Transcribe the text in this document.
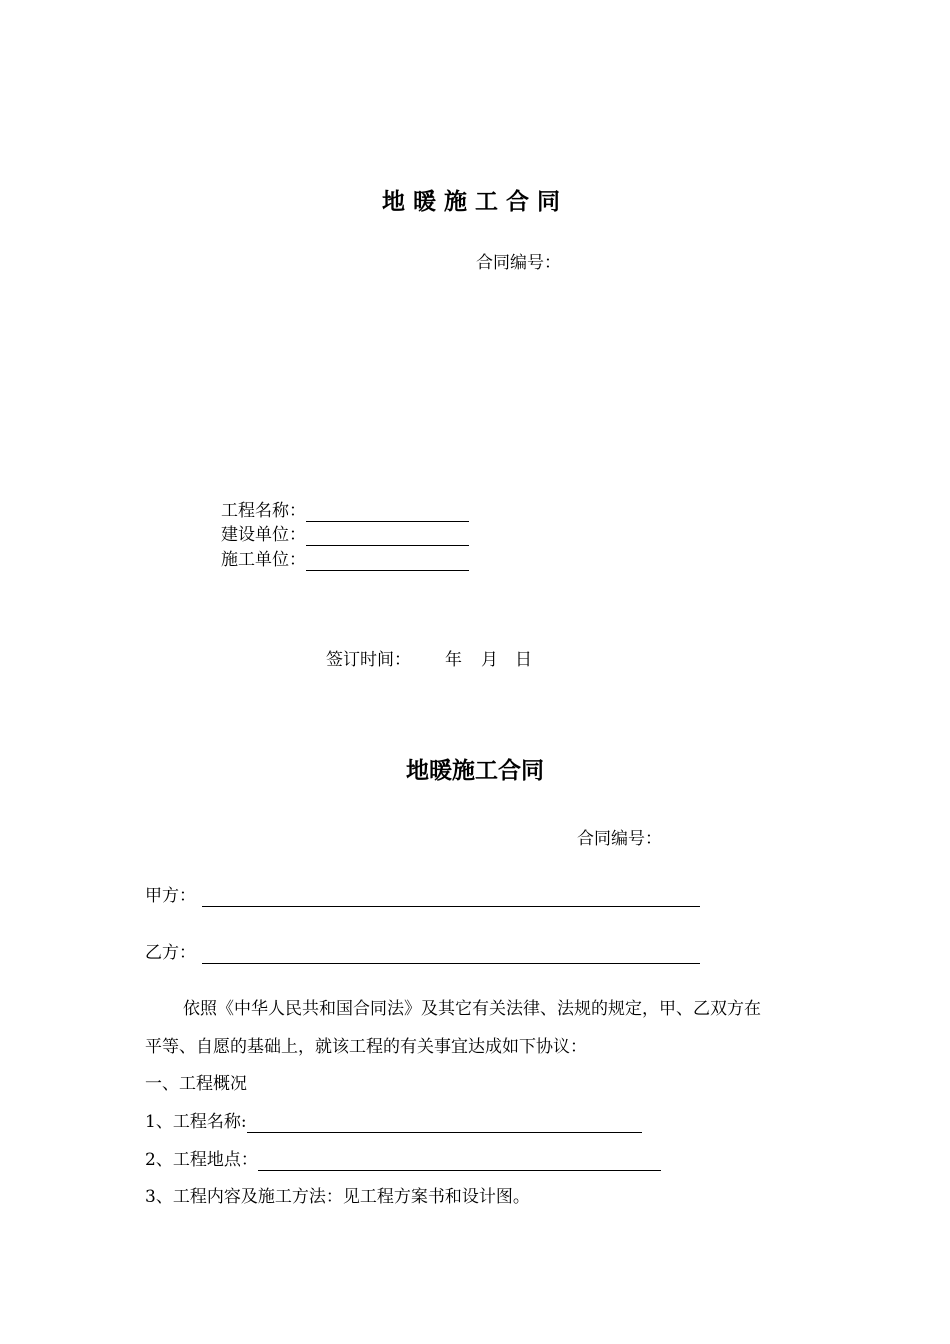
地暖施工合同
合同编号：
工程名称：
建设单位：
施工单位：
签订时间： 年 月 日
地暖施工合同
合同编号：
甲方：
乙方：
依照《中华人民共和国合同法》及其它有关法律、法规的规定，甲、乙双方在
平等、自愿的基础上，就该工程的有关事宜达成如下协议：
一、工程概况
1、工程名称:
2、工程地点：
3、工程内容及施工方法：见工程方案书和设计图。
